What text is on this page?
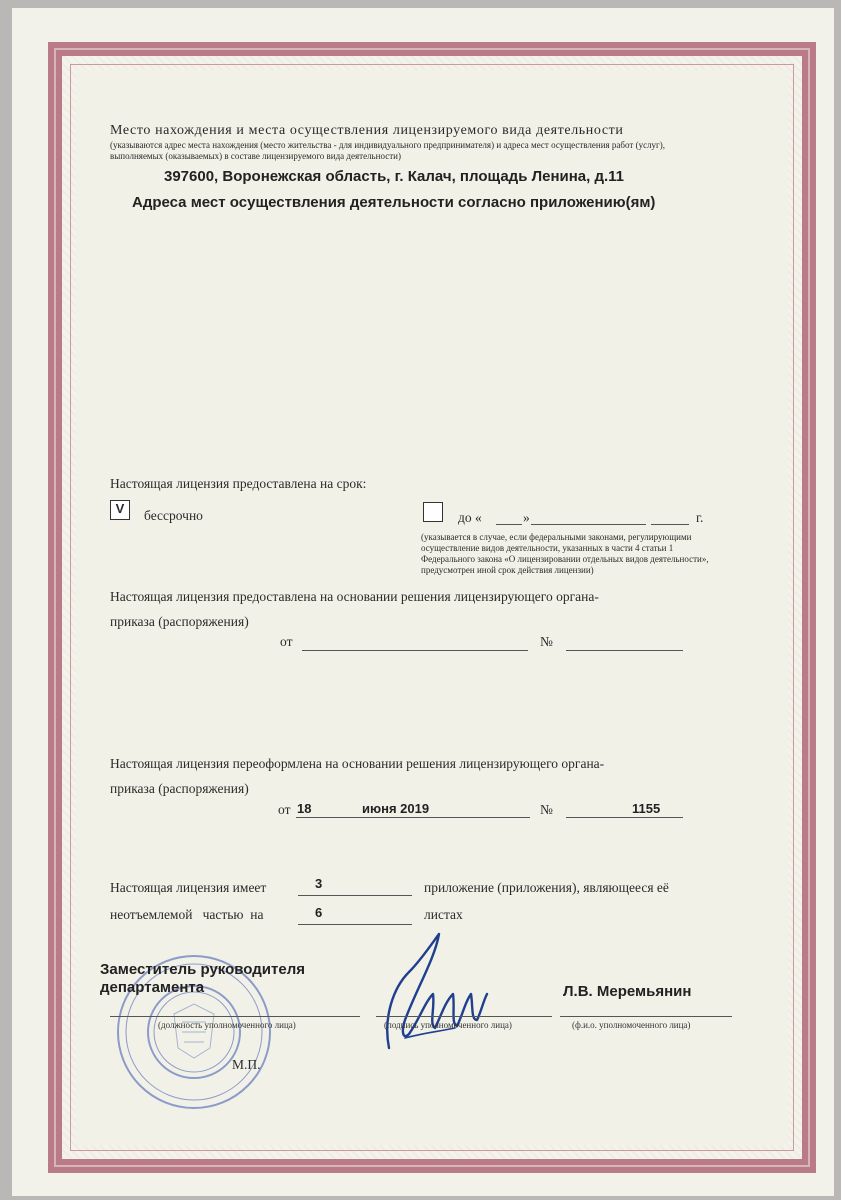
Место нахождения и места осуществления лицензируемого вида деятельности
(указываются адрес места нахождения (место жительства - для индивидуального предпринимателя) и адреса мест осуществления работ (услуг),
выполняемых (оказываемых) в составе лицензируемого вида деятельности)
397600, Воронежская область, г. Калач, площадь Ленина, д.11
Адреса мест осуществления деятельности согласно приложению(ям)
Настоящая лицензия предоставлена на срок:
V	бессрочно	до «	»	г.
(указывается в случае, если федеральными законами, регулирующими
осуществление видов деятельности, указанных в части 4 статьи 1
Федерального закона «О лицензировании отдельных видов деятельности»,
предусмотрен иной срок действия лицензии)
Настоящая лицензия предоставлена на основании решения лицензирующего органа-
приказа (распоряжения)
от	№
Настоящая лицензия переоформлена на основании решения лицензирующего органа-
приказа (распоряжения)
от 18	июня 2019	№	1155
Настоящая лицензия имеет	3	приложение (приложения), являющееся её
неотъемлемой   частью  на	6	листах
Заместитель руководителя
департамента	Л.В. Меремьянин
(должность уполномоченного лица)	(подпись уполномоченного лица)	(ф.и.о. уполномоченного лица)
М.П.
